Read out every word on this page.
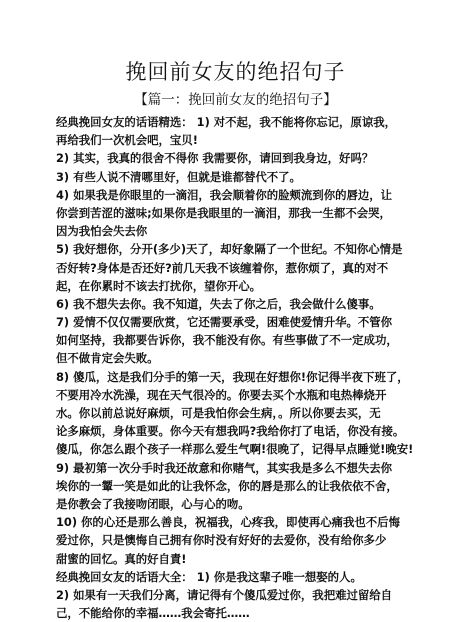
挽回前女友的绝招句子
【篇一：挽回前女友的绝招句子】
经典挽回女友的话语精选： 1) 对不起，我不能将你忘记，原谅我，
再给我们一次机会吧，宝贝!
2) 其实，我真的很舍不得你 我需要你，请回到我身边，好吗？
3) 有些人说不清哪里好，但就是谁都替代不了。
4) 如果我是你眼里的一滴泪，我会顺着你的脸颊流到你的唇边，让
你尝到苦涩的滋味;如果你是我眼里的一滴泪，那我一生都不会哭，
因为我怕会失去你
5) 我好想你，分开(多少)天了，却好象隔了一个世纪。不知你心情是
否好转?身体是否还好?前几天我不该缠着你，惹你烦了，真的对不
起，在你累时不该去打扰你，望你开心。
6) 我不想失去你。我不知道，失去了你之后，我会做什么傻事。
7) 爱情不仅仅需要欣赏，它还需要承受，困难使爱情升华。不管你
如何坚持，我都要告诉你，我不能没有你。有些事做了不一定成功，
但不做肯定会失败。
8) 傻瓜，这是我们分手的第一天，我现在好想你!你记得半夜下班了，
不要用冷水洗澡，现在天气很冷的。你要去买个水瓶和电热棒烧开
水。你以前总说好麻烦，可是我怕你会生病，。所以你要去买，无
论多麻烦，身体重要。你今天有想我吗?我给你打了电话，你没有接。
傻瓜，你怎么跟个孩子一样那么爱生气啊!很晚了，记得早点睡觉!晚安!
9) 最初第一次分手时我还故意和你赌气，其实我是多么不想失去你
埃你的一颦一笑是如此的让我怀念，你的唇是那么的让我依依不舍，
是你教会了我接吻闭眼，心与心的吻。
10) 你的心还是那么善良，祝福我，心疼我，即使再心痛我也不后悔
爱过你，只是懊悔自己拥有你时没有好好的去爱你，没有给你多少
甜蜜的回忆。真的好自責!
经典挽回女友的话语大全： 1) 你是我这辈子唯一想娶的人。
2) 如果有一天我们分离，请记得有个傻瓜爱过你，我把难过留给自
己，不能给你的幸福……我会寄托……
